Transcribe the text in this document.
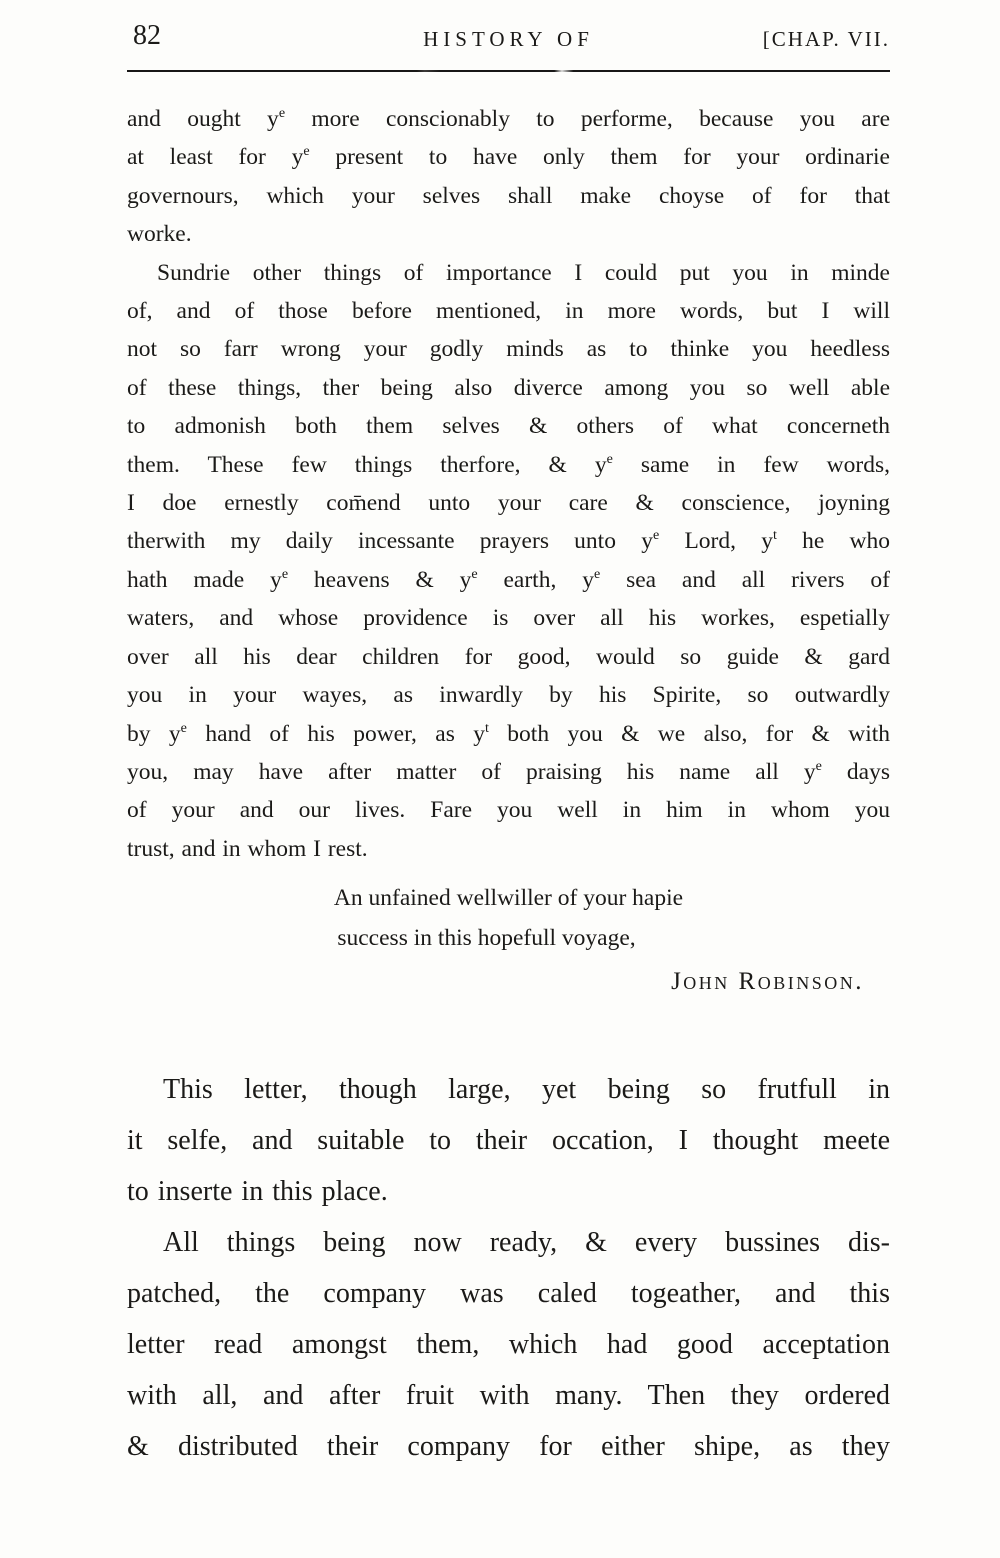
82	HISTORY OF	[CHAP. VII.
and ought $y^e$ more conscionably to performe, because you are
at least for $y^e$ present to have only them for your ordinarie
governours, which your selves shall make choyse of for that
worke.
Sundrie other things of importance I could put you in minde
of, and of those before mentioned, in more words, but I will
not so farr wrong your godly minds as to thinke you heedless
of these things, ther being also diverce among you so well able
to admonish both them selves & others of what concerneth
them. These few things therfore, & $y^e$ same in few words,
I doe ernestly com̄end unto your care & conscience, joyning
therwith my daily incessante prayers unto $y^e$ Lord, $y^t$ he who
hath made $y^e$ heavens & $y^e$ earth, $y^e$ sea and all rivers of
waters, and whose providence is over all his workes, espetially
over all his dear children for good, would so guide & gard
you in your wayes, as inwardly by his Spirite, so outwardly
by $y^e$ hand of his power, as $y^t$ both you & we also, for & with
you, may have after matter of praising his name all $y^e$ days
of your and our lives. Fare you well in him in whom you
trust, and in whom I rest.
An unfained wellwiller of your hapie
success in this hopefull voyage,
John Robinson.
This letter, though large, yet being so frutfull in
it selfe, and suitable to their occation, I thought meete
to inserte in this place.
All things being now ready, & every bussines dis-
patched, the company was caled togeather, and this
letter read amongst them, which had good acceptation
with all, and after fruit with many. Then they ordered
& distributed their company for either shipe, as they
